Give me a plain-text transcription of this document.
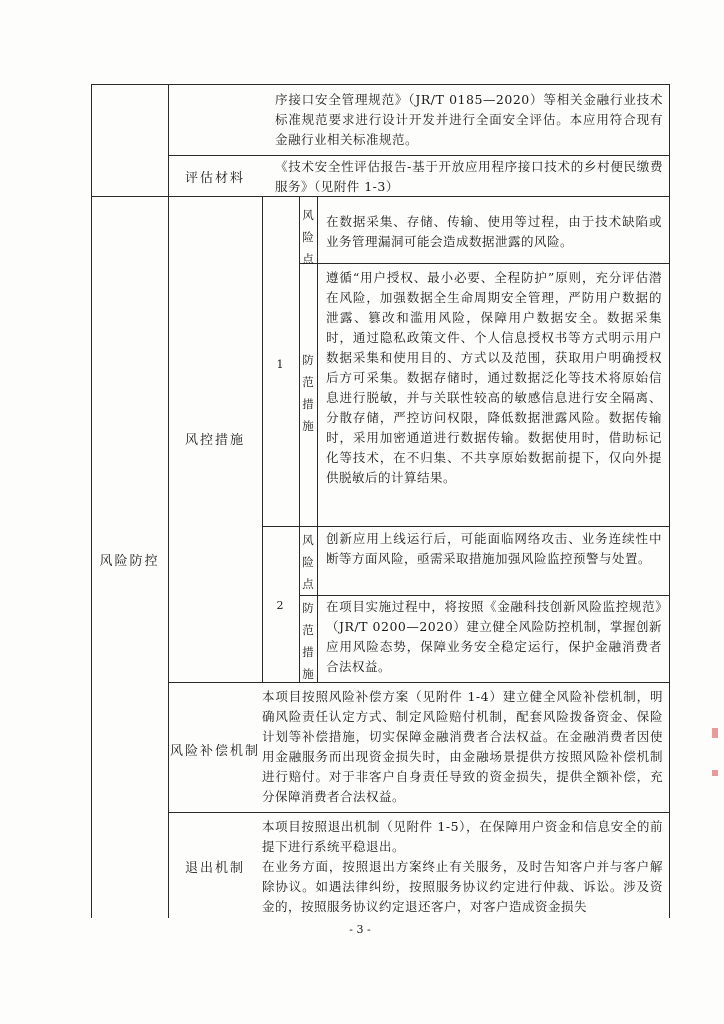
序接口安全管理规范》（JR/T 0185—2020）等相关金融行业技术标准规范要求进行设计开发并进行全面安全评估。本应用符合现有金融行业相关标准规范。
评估材料
《技术安全性评估报告-基于开放应用程序接口技术的乡村便民缴费服务》（见附件 1-3）
风险防控
风控措施
1
风险点
在数据采集、存储、传输、使用等过程，由于技术缺陷或业务管理漏洞可能会造成数据泄露的风险。
防范措施
遵循“用户授权、最小必要、全程防护”原则，充分评估潜在风险，加强数据全生命周期安全管理，严防用户数据的泄露、篡改和滥用风险，保障用户数据安全。数据采集时，通过隐私政策文件、个人信息授权书等方式明示用户数据采集和使用目的、方式以及范围，获取用户明确授权后方可采集。数据存储时，通过数据泛化等技术将原始信息进行脱敏，并与关联性较高的敏感信息进行安全隔离、分散存储，严控访问权限，降低数据泄露风险。数据传输时，采用加密通道进行数据传输。数据使用时，借助标记化等技术，在不归集、不共享原始数据前提下，仅向外提供脱敏后的计算结果。
2
风险点
创新应用上线运行后，可能面临网络攻击、业务连续性中断等方面风险，亟需采取措施加强风险监控预警与处置。
防范措施
在项目实施过程中，将按照《金融科技创新风险监控规范》（JR/T 0200—2020）建立健全风险防控机制，掌握创新应用风险态势，保障业务安全稳定运行，保护金融消费者合法权益。
风险补偿机制
本项目按照风险补偿方案（见附件 1-4）建立健全风险补偿机制，明确风险责任认定方式、制定风险赔付机制，配套风险拨备资金、保险计划等补偿措施，切实保障金融消费者合法权益。在金融消费者因使用金融服务而出现资金损失时，由金融场景提供方按照风险补偿机制进行赔付。对于非客户自身责任导致的资金损失，提供全额补偿，充分保障消费者合法权益。
退出机制
本项目按照退出机制（见附件 1-5），在保障用户资金和信息安全的前提下进行系统平稳退出。
在业务方面，按照退出方案终止有关服务，及时告知客户并与客户解除协议。如遇法律纠纷，按照服务协议约定进行仲裁、诉讼。涉及资金的，按照服务协议约定退还客户，对客户造成资金损失
- 3 -
